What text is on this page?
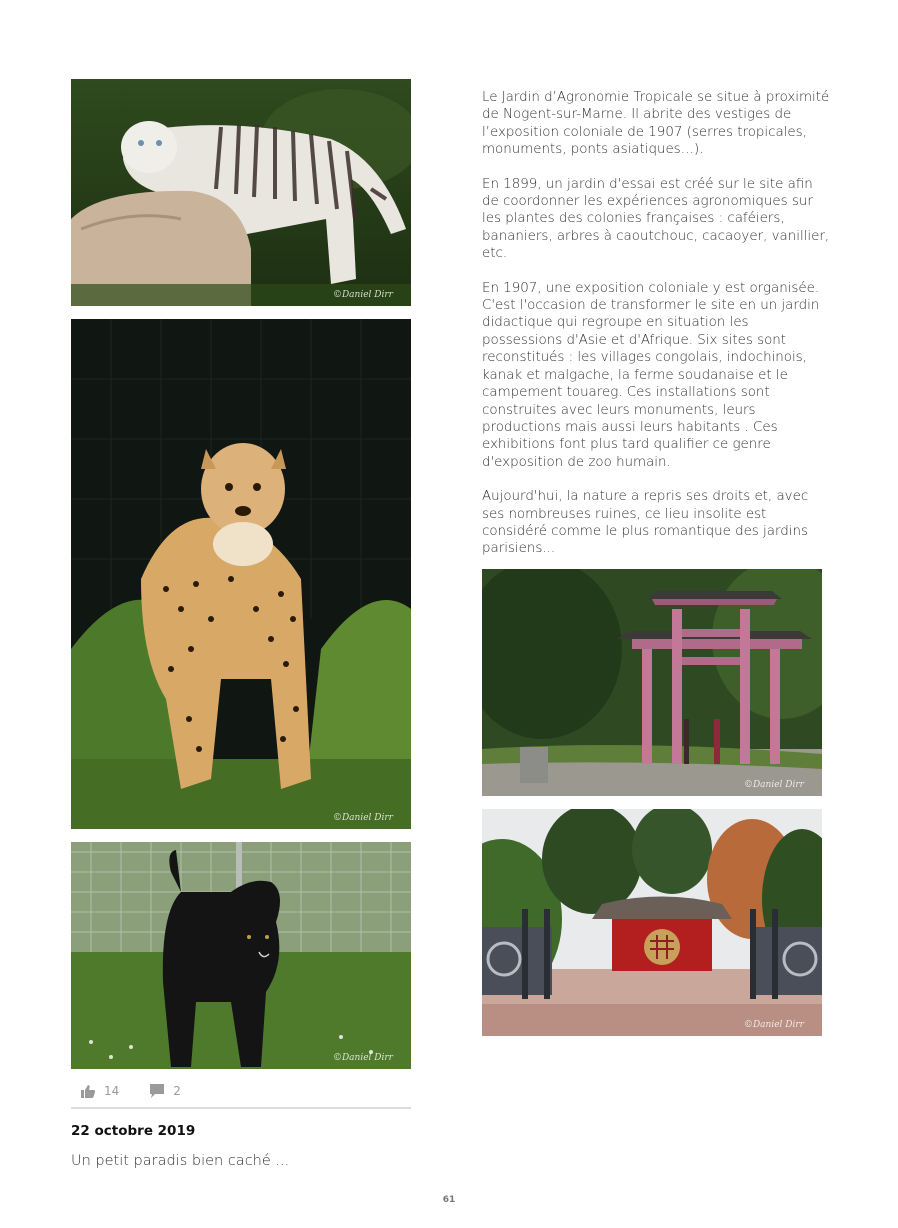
©Daniel Dirr
©Daniel Dirr
©Daniel Dirr
14	2
22 octobre 2019
Un petit paradis bien caché ...

Le Jardin d’Agronomie Tropicale se situe à proximité de Nogent-sur-Marne. Il abrite des vestiges de l’exposition coloniale de 1907 (serres tropicales, monuments, ponts asiatiques…).

En 1899, un jardin d'essai est créé sur le site afin de coordonner les expériences agronomiques sur les plantes des colonies françaises : caféiers, bananiers, arbres à caoutchouc, cacaoyer, vanillier, etc.

En 1907, une exposition coloniale y est organisée. C'est l'occasion de transformer le site en un jardin didactique qui regroupe en situation les possessions d'Asie et d'Afrique. Six sites sont reconstitués : les villages congolais, indochinois, kanak et malgache, la ferme soudanaise et le campement touareg. Ces installations sont construites avec leurs monuments, leurs productions mais aussi leurs habitants . Ces exhibitions font plus tard qualifier ce genre d'exposition de zoo humain.

Aujourd'hui, la nature a repris ses droits et, avec ses nombreuses ruines, ce lieu insolite est considéré comme le plus romantique des jardins parisiens...

©Daniel Dirr
©Daniel Dirr
61
